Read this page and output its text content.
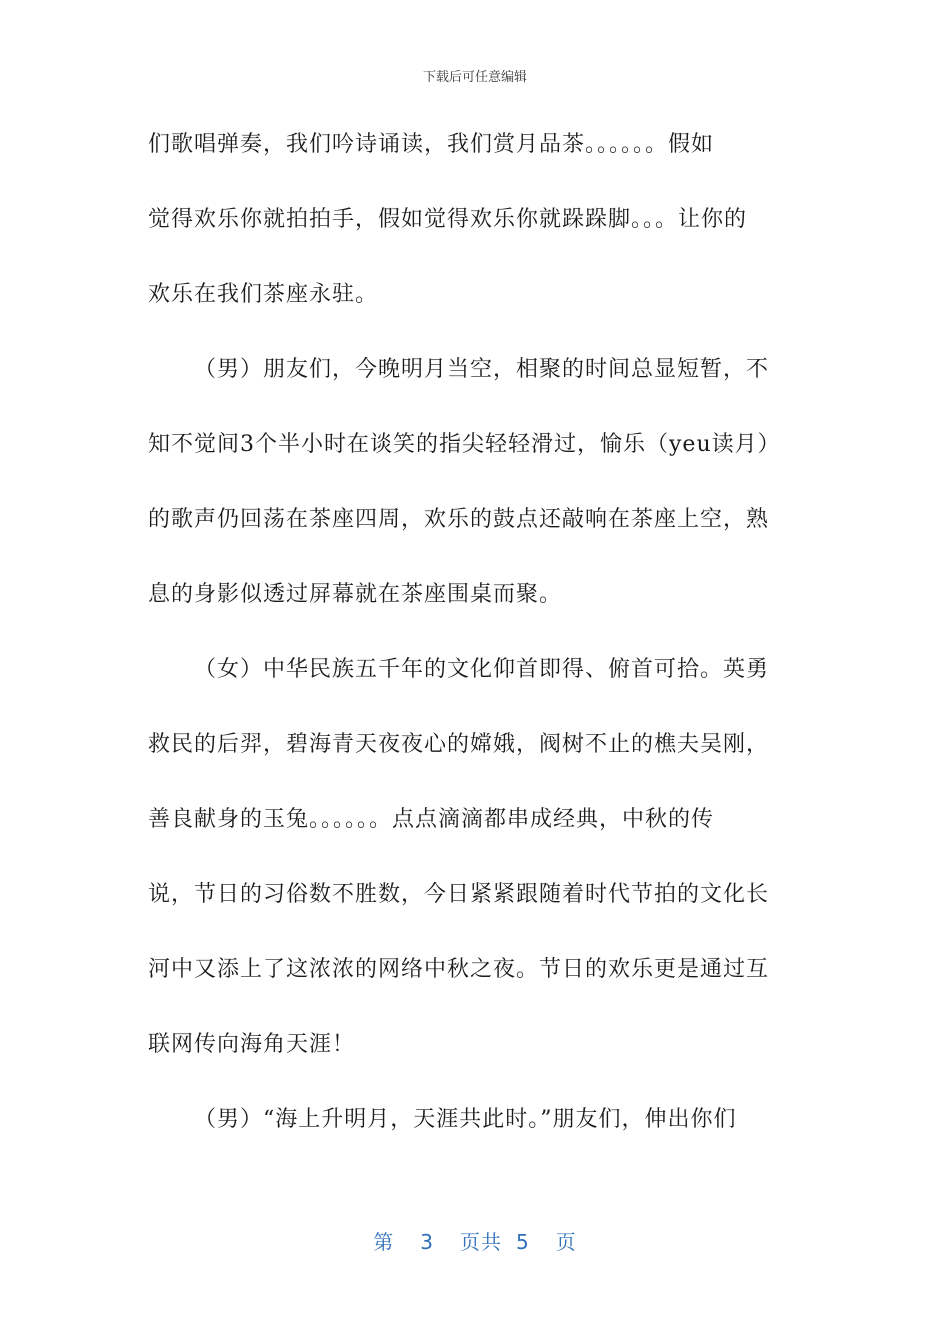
下载后可任意编辑
们歌唱弹奏，我们吟诗诵读，我们赏月品茶。。。。。。假如
觉得欢乐你就拍拍手，假如觉得欢乐你就跺跺脚。。。让你的
欢乐在我们茶座永驻。
（男）朋友们，今晚明月当空，相聚的时间总显短暂，不
知不觉间3个半小时在谈笑的指尖轻轻滑过，愉乐（yeu读月）
的歌声仍回荡在茶座四周，欢乐的鼓点还敲响在茶座上空，熟
息的身影似透过屏幕就在茶座围桌而聚。
（女）中华民族五千年的文化仰首即得、俯首可拾。英勇
救民的后羿，碧海青天夜夜心的嫦娥，阀树不止的樵夫吴刚，
善良献身的玉兔。。。。。。点点滴滴都串成经典，中秋的传
说，节日的习俗数不胜数，今日紧紧跟随着时代节拍的文化长
河中又添上了这浓浓的网络中秋之夜。节日的欢乐更是通过互
联网传向海角天涯！
（男）“海上升明月，天涯共此时。”朋友们，伸出你们
第 3 页共 5 页
